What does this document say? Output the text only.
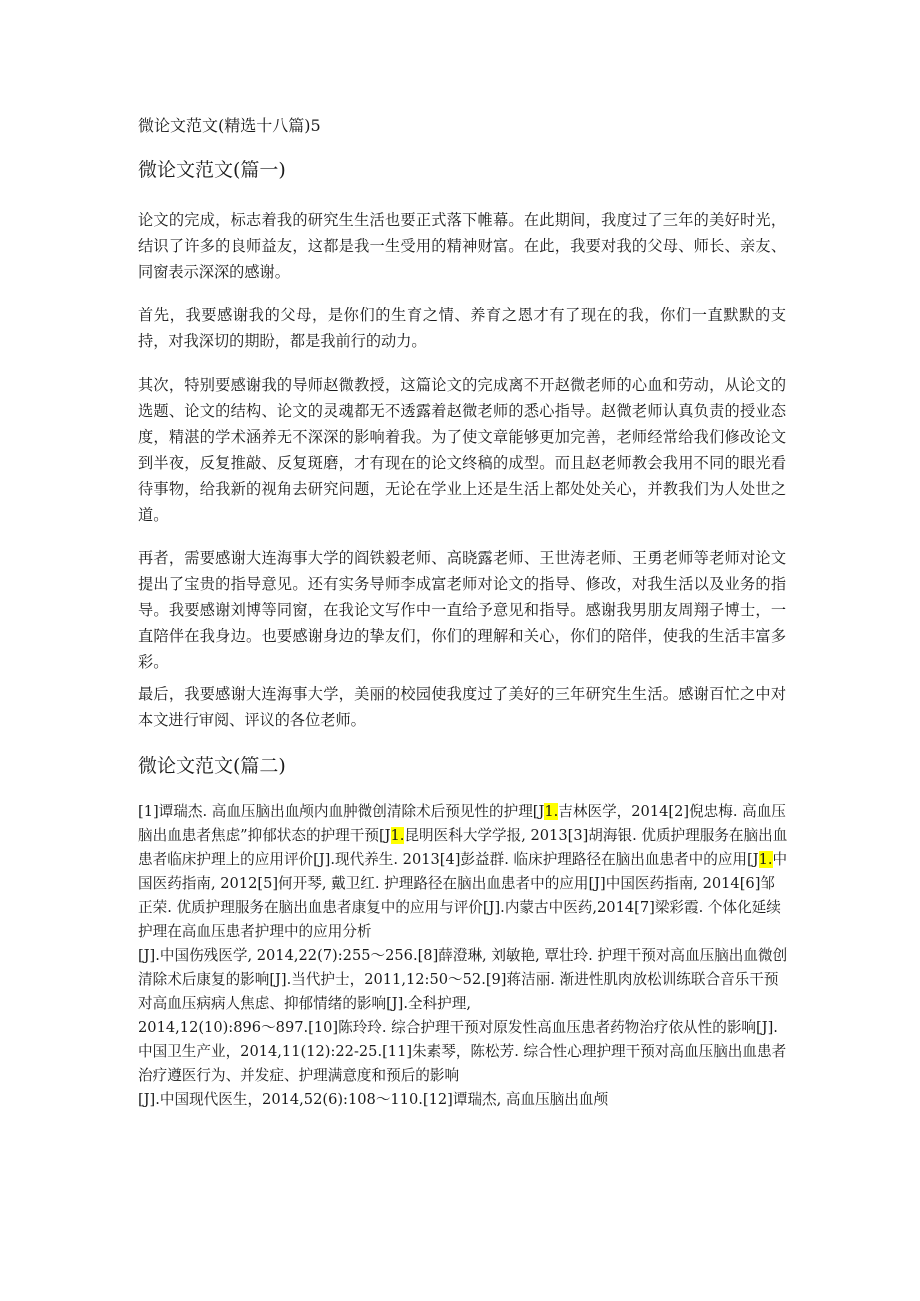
微论文范文(精选十八篇)5
微论文范文(篇一)

论文的完成，标志着我的研究生生活也要正式落下帷幕。在此期间，我度过了三年的美好时光，结识了许多的良师益友，这都是我一生受用的精神财富。在此，我要对我的父母、师长、亲友、同窗表示深深的感谢。

首先，我要感谢我的父母，是你们的生育之情、养育之恩才有了现在的我，你们一直默默的支持，对我深切的期盼，都是我前行的动力。

其次，特别要感谢我的导师赵微教授，这篇论文的完成离不开赵微老师的心血和劳动，从论文的选题、论文的结构、论文的灵魂都无不透露着赵微老师的悉心指导。赵微老师认真负责的授业态度，精湛的学术涵养无不深深的影响着我。为了使文章能够更加完善，老师经常给我们修改论文到半夜，反复推敲、反复斑磨，才有现在的论文终稿的成型。而且赵老师教会我用不同的眼光看待事物，给我新的视角去研究问题，无论在学业上还是生活上都处处关心，并教我们为人处世之道。

再者，需要感谢大连海事大学的阎铁毅老师、高晓露老师、王世涛老师、王勇老师等老师对论文提出了宝贵的指导意见。还有实务导师李成富老师对论文的指导、修改，对我生活以及业务的指导。我要感谢刘博等同窗，在我论文写作中一直给予意见和指导。感谢我男朋友周翔子博士，一直陪伴在我身边。也要感谢身边的挚友们，你们的理解和关心，你们的陪伴，使我的生活丰富多彩。

最后，我要感谢大连海事大学，美丽的校园使我度过了美好的三年研究生生活。感谢百忙之中对本文进行审阅、评议的各位老师。

微论文范文(篇二)

[1]谭瑞杰. 高血压脑出血颅内血肿微创清除术后预见性的护理[J1.吉林医学，2014[2]倪忠梅. 高血压脑出血患者焦虑”抑郁状态的护理干预[J1.昆明医科大学学报, 2013[3]胡海银. 优质护理服务在脑出血患者临床护理上的应用评价[J].现代养生. 2013[4]彭益群. 临床护理路径在脑出血患者中的应用[J1.中国医药指南, 2012[5]何开琴, 戴卫红. 护理路径在脑出血患者中的应用[J]中国医药指南, 2014[6]邹正荣. 优质护理服务在脑出血患者康复中的应用与评价[J].内蒙古中医药,2014[7]梁彩霞. 个体化延续护理在高血压患者护理中的应用分析
[J].中国伤残医学, 2014,22(7):255～256.[8]薛澄琳, 刘敏艳, 覃壮玲. 护理干预对高血压脑出血微创清除术后康复的影响[J].当代护士，2011,12:50～52.[9]蒋洁丽. 渐进性肌肉放松训练联合音乐干预对高血压病病人焦虑、抑郁情绪的影响[J].全科护理,
2014,12(10):896～897.[10]陈玲玲. 综合护理干预对原发性高血压患者药物治疗依从性的影响[J].中国卫生产业，2014,11(12):22-25.[11]朱素琴，陈松芳. 综合性心理护理干预对高血压脑出血患者治疗遵医行为、并发症、护理满意度和预后的影响
[J].中国现代医生，2014,52(6):108～110.[12]谭瑞杰, 高血压脑出血颅
